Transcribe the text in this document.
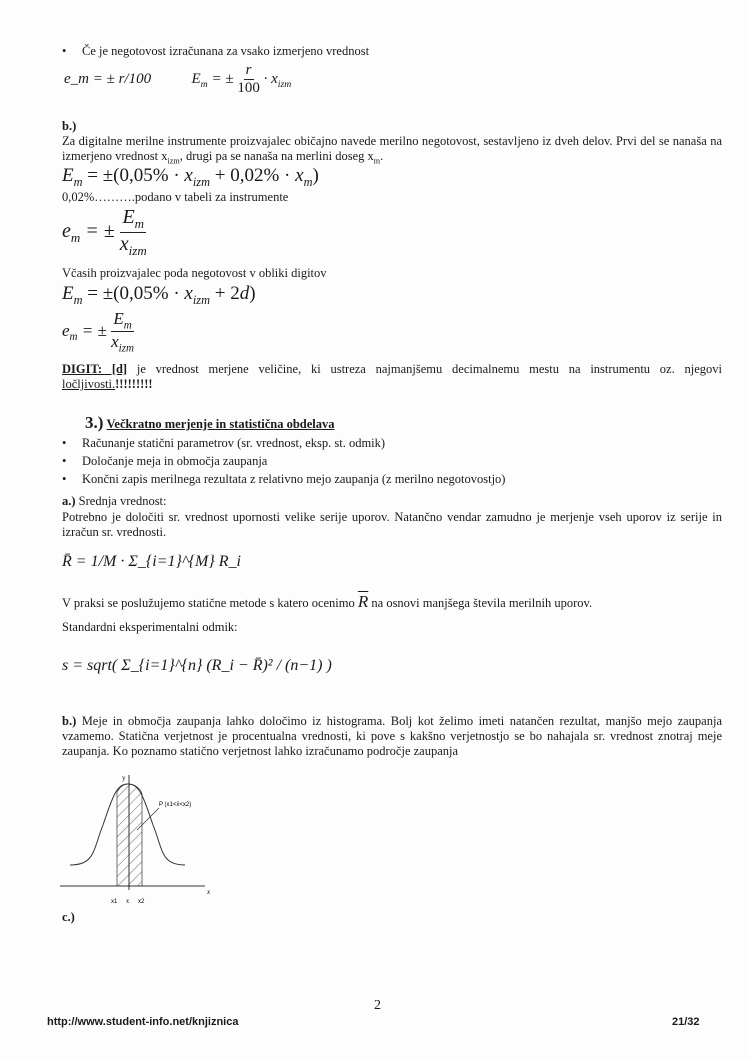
• Če je negotovost izračunana za vsako izmerjeno vrednost
e_m = ± r/100  $E_m$ = ± $\frac{r}{100} \cdot x_{izm}$
b.)
Za digitalne merilne instrumente proizvajalec običajno navede merilno negotovost, sestavljeno iz dveh delov. Prvi del se nanaša na izmerjeno vrednost $x_{izm}$, drugi pa se nanaša na merlini doseg $x_m$.
$E_m = \pm(0,05\% \cdot x_{izm} + 0,02\% \cdot x_m)$
0,02%……….podano v tabeli za instrumente
$e_m$ = ± $\frac{E_m}{x_{izm}}$
Včasih proizvajalec poda negotovost v obliki digitov
$E_m = \pm(0,05\% \cdot x_{izm} + 2d)$
$e_m$ = ± $\frac{E_m}{x_{izm}}$
DIGIT: [d] je vrednost merjene veličine, ki ustreza najmanjšemu decimalnemu mestu na instrumentu oz. njegovi ločljivosti.!!!!!!!!!
3.) Večkratno merjenje in statistična obdelava
• Računanje statični parametrov (sr. vrednost, eksp. st. odmik)
• Določanje meja in območja zaupanja
• Končni zapis merilnega rezultata z relativno mejo zaupanja (z merilno negotovostjo)
a.) Srednja vrednost:
Potrebno je določiti sr. vrednost upornosti velike serije uporov. Natančno vendar zamudno je merjenje vseh uporov iz serije in izračun sr. vrednosti.
R̄ = 1/M · Σ_{i=1}^{M} R_i
V praksi se poslužujemo statične metode s katero ocenimo $\overline{R}$ na osnovi manjšega števila merilnih uporov.
Standardni eksperimentalni odmik:
s = sqrt( Σ_{i=1}^{n} (R_i − R̄)² / (n−1) )
b.) Meje in območja zaupanja lahko določimo iz histograma. Bolj kot želimo imeti natančen rezultat, manjšo mejo zaupanja vzamemo. Statična verjetnost je procentualna vrednosti, ki pove s kakšno verjetnostjo se bo nahajala sr. vrednost znotraj meje zaupanja. Ko poznamo statično verjetnost lahko izračunamo področje zaupanja
y
x
P (x1<x̄<x2)
x1 x̄ x2
c.)
2
http://www.student-info.net/knjiznica	21/32
